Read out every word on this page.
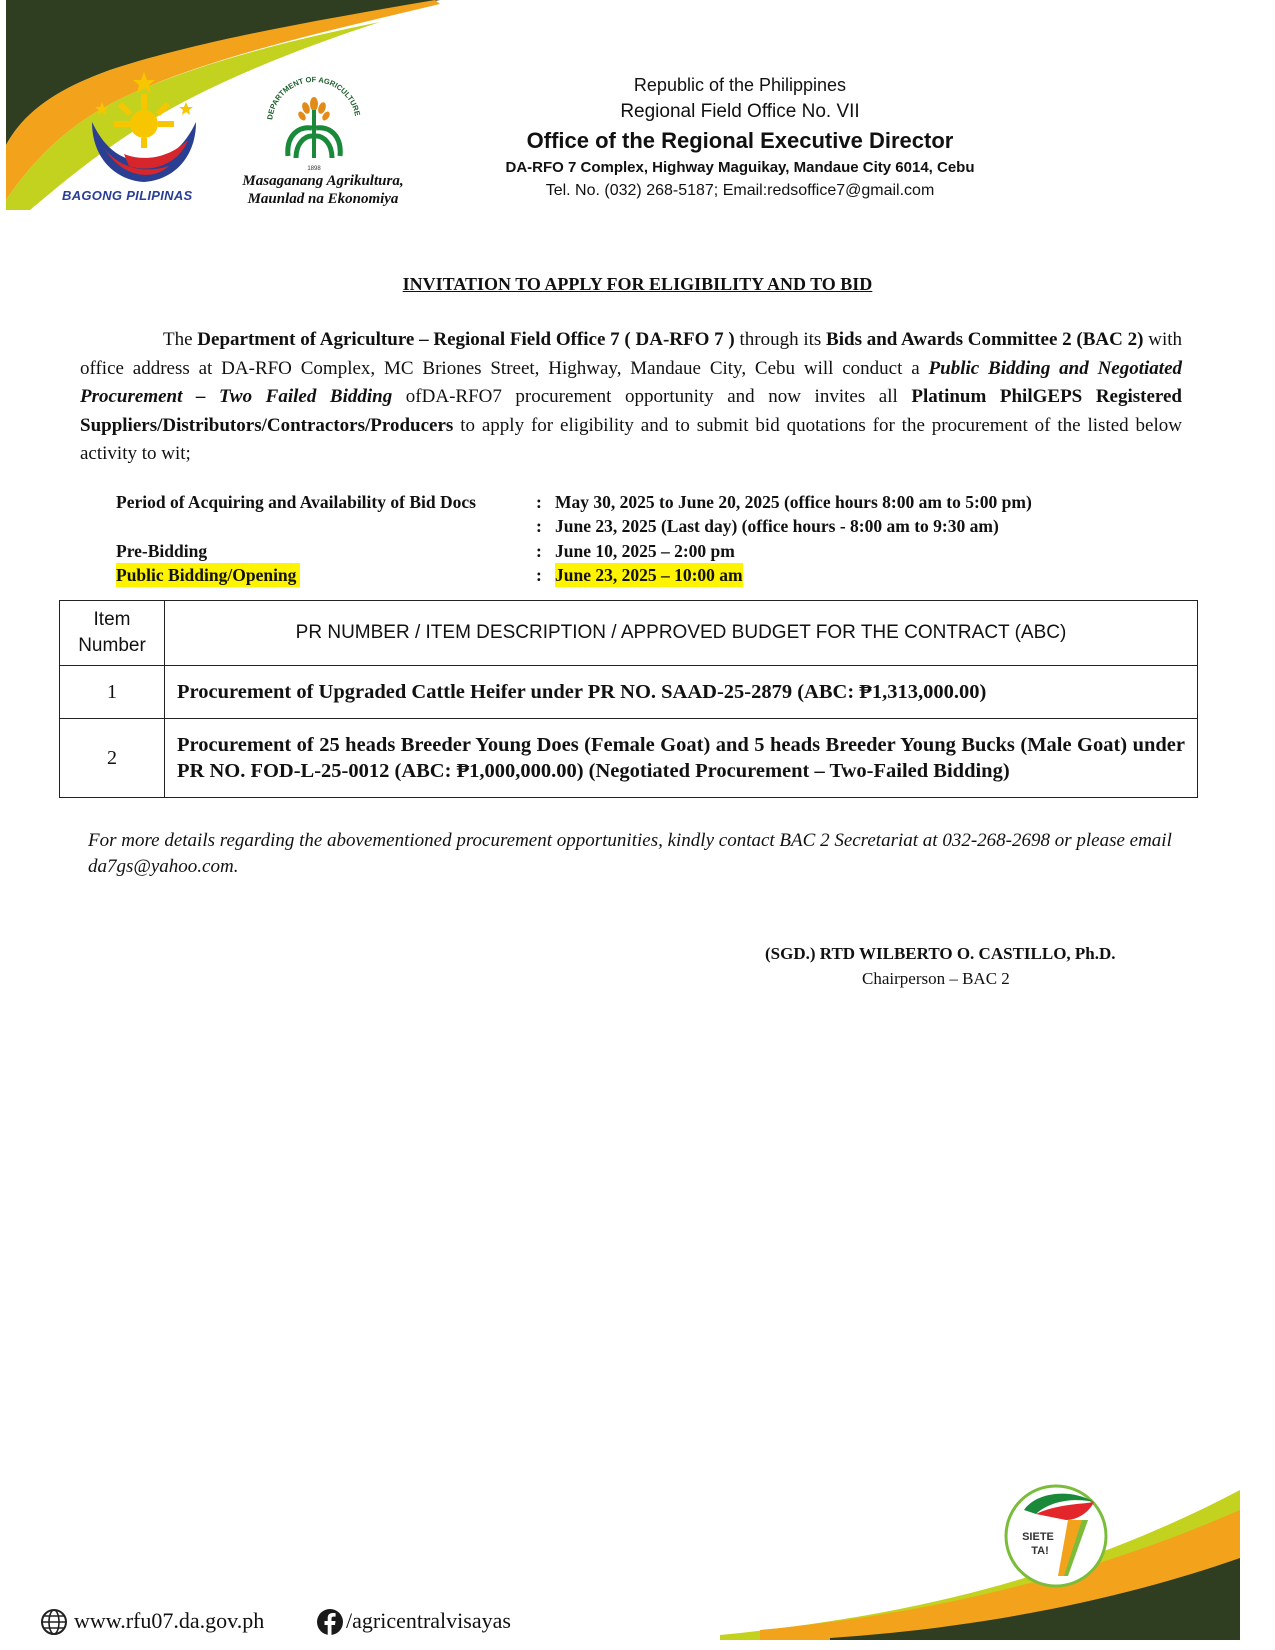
BAGONG PILIPINAS
DEPARTMENT OF AGRICULTURE
1898
Masaganang Agrikultura,
Maunlad na Ekonomiya
Republic of the Philippines
Regional Field Office No. VII
Office of the Regional Executive Director
DA-RFO 7 Complex, Highway Maguikay, Mandaue City 6014, Cebu
Tel. No. (032) 268-5187; Email:redsoffice7@gmail.com
INVITATION TO APPLY FOR ELIGIBILITY AND TO BID
The Department of Agriculture – Regional Field Office 7 ( DA-RFO 7 ) through its Bids and Awards Committee 2 (BAC 2) with office address at DA-RFO Complex, MC Briones Street, Highway, Mandaue City, Cebu will conduct a Public Bidding and Negotiated Procurement – Two Failed Bidding ofDA-RFO7 procurement opportunity and now invites all Platinum PhilGEPS Registered Suppliers/Distributors/Contractors/Producers to apply for eligibility and to submit bid quotations for the procurement of the listed below activity to wit;
Period of Acquiring and Availability of Bid Docs	: May 30, 2025 to June 20, 2025 (office hours 8:00 am to 5:00 pm)
: June 23, 2025 (Last day) (office hours - 8:00 am to 9:30 am)
Pre-Bidding	: June 10, 2025 – 2:00 pm
Public Bidding/Opening	: June 23, 2025 – 10:00 am
Item
Number	PR NUMBER / ITEM DESCRIPTION / APPROVED BUDGET FOR THE CONTRACT (ABC)
1	Procurement of Upgraded Cattle Heifer under PR NO. SAAD-25-2879 (ABC: ₱1,313,000.00)
2	Procurement of 25 heads Breeder Young Does (Female Goat) and 5 heads Breeder Young Bucks (Male Goat) under PR NO. FOD-L-25-0012 (ABC: ₱1,000,000.00) (Negotiated Procurement – Two-Failed Bidding)
For more details regarding the abovementioned procurement opportunities, kindly contact BAC 2 Secretariat at 032-268-2698 or please email da7gs@yahoo.com.
(SGD.) RTD WILBERTO O. CASTILLO, Ph.D.
Chairperson – BAC 2
SIETE
TA!
www.rfu07.da.gov.ph	/agricentralvisayas
